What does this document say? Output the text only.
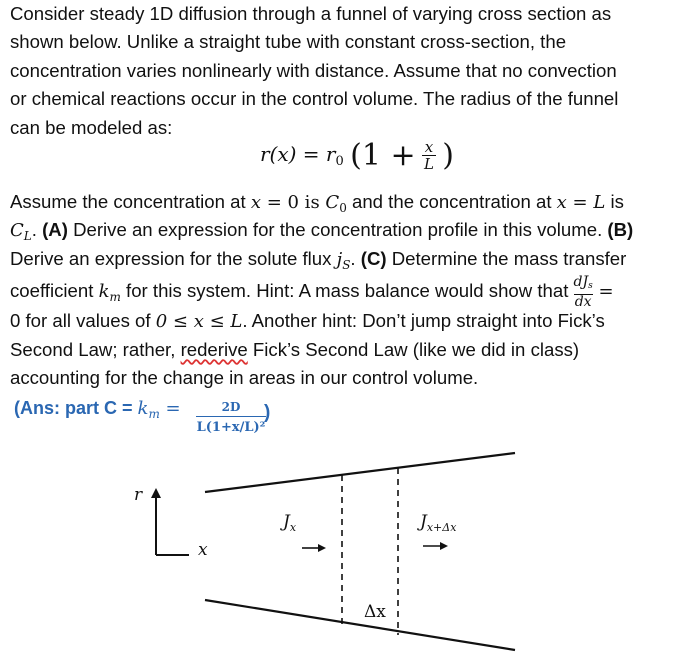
Consider steady 1D diffusion through a funnel of varying cross section as
shown below. Unlike a straight tube with constant cross-section, the
concentration varies nonlinearly with distance. Assume that no convection
or chemical reactions occur in the control volume. The radius of the funnel
can be modeled as:
Assume the concentration at x = 0 is $C_0$ and the concentration at x = L is
$C_L$. (A) Derive an expression for the concentration profile in this volume. (B)
Derive an expression for the solute flux $j_S$. (C) Determine the mass transfer
coefficient $k_m$ for this system. Hint: A mass balance would show that $\frac{dJ_s}{dx}$ =
0 for all values of 0 ≤ x ≤ L. Another hint: Don’t jump straight into Fick’s
Second Law; rather, rederive Fick’s Second Law (like we did in class)
accounting for the change in areas in our control volume.
$r(x) = r_0$ ($1 + \frac{x}{L}$ )
(Ans: part $C = k_m = \frac{2D}{\text{L(1+x/L)²}}$
)
r
x
$J_x$	$J_{x+\Delta x}$
Δx
